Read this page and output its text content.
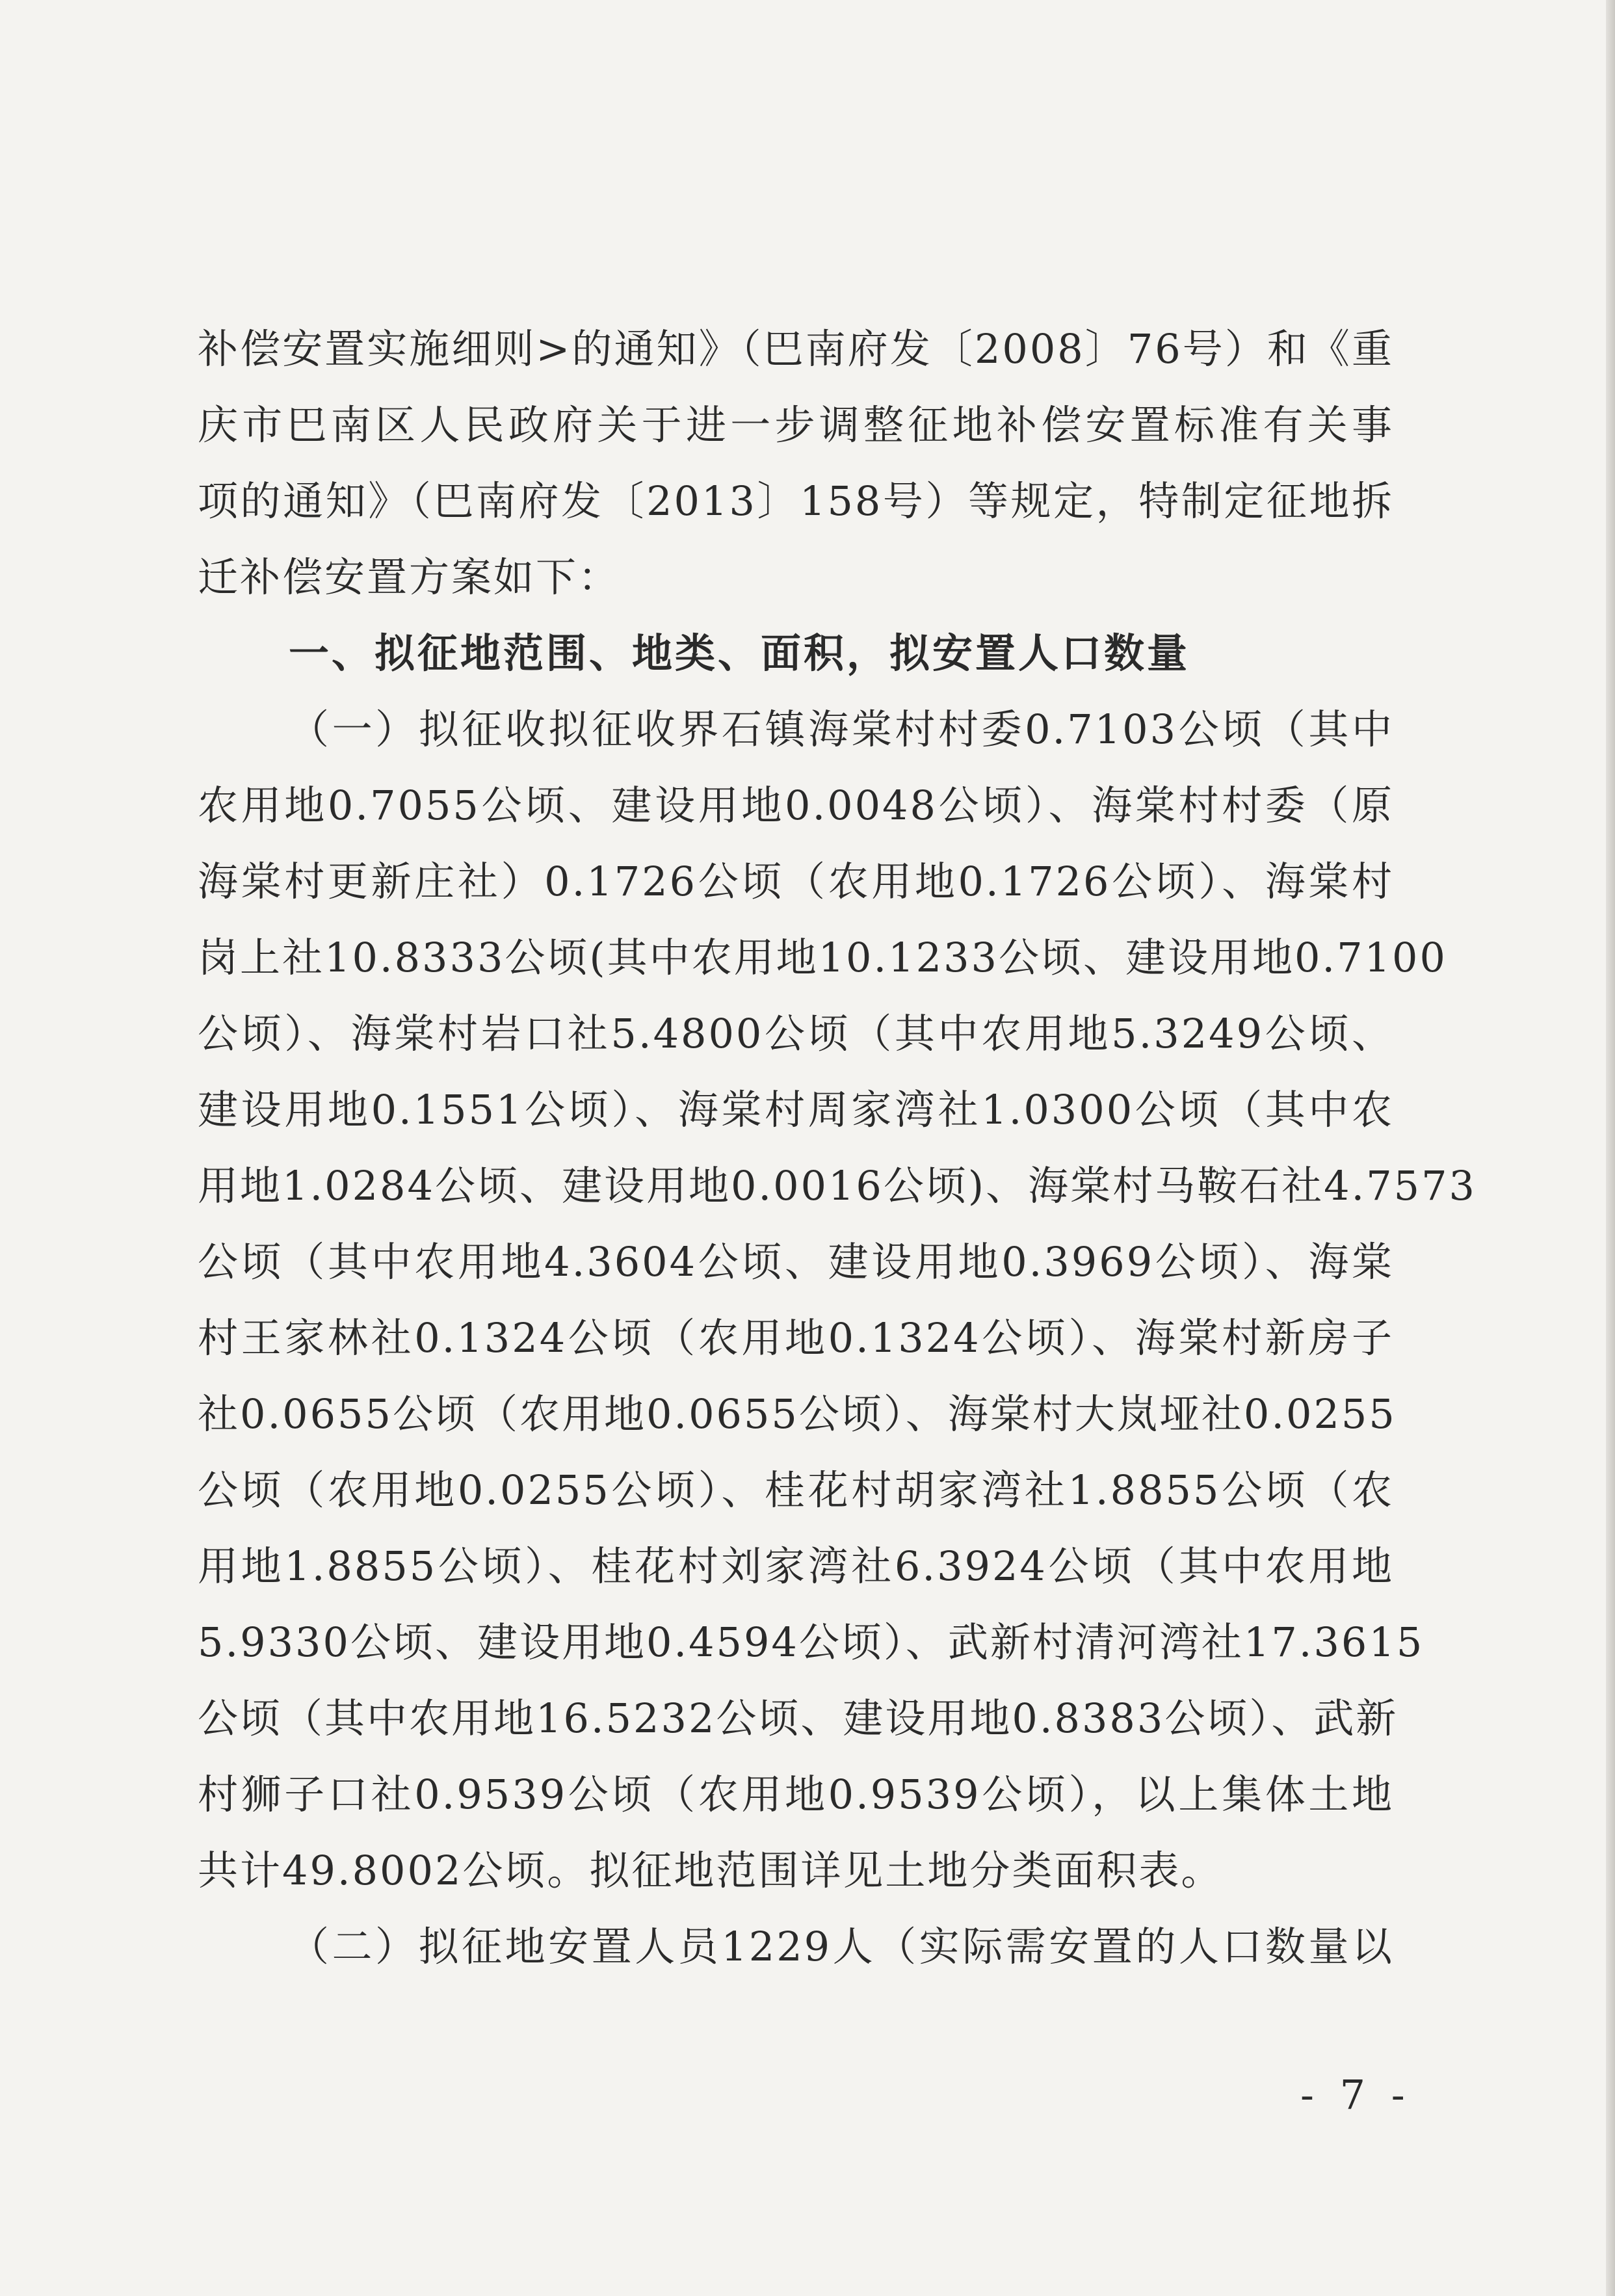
补偿安置实施细则>的通知》（巴南府发〔2008〕76号）和《重
庆市巴南区人民政府关于进一步调整征地补偿安置标准有关事
项的通知》（巴南府发〔2013〕158号）等规定，特制定征地拆
迁补偿安置方案如下：
一、拟征地范围、地类、面积，拟安置人口数量
（一）拟征收拟征收界石镇海棠村村委0.7103公顷（其中
农用地0.7055公顷、建设用地0.0048公顷）、海棠村村委（原
海棠村更新庄社）0.1726公顷（农用地0.1726公顷）、海棠村
岗上社10.8333公顷(其中农用地10.1233公顷、建设用地0.7100
公顷）、海棠村岩口社5.4800公顷（其中农用地5.3249公顷、
建设用地0.1551公顷）、海棠村周家湾社1.0300公顷（其中农
用地1.0284公顷、建设用地0.0016公顷)、海棠村马鞍石社4.7573
公顷（其中农用地4.3604公顷、建设用地0.3969公顷）、海棠
村王家林社0.1324公顷（农用地0.1324公顷）、海棠村新房子
社0.0655公顷（农用地0.0655公顷）、海棠村大岚垭社0.0255
公顷（农用地0.0255公顷）、桂花村胡家湾社1.8855公顷（农
用地1.8855公顷）、桂花村刘家湾社6.3924公顷（其中农用地
5.9330公顷、建设用地0.4594公顷）、武新村清河湾社17.3615
公顷（其中农用地16.5232公顷、建设用地0.8383公顷）、武新
村狮子口社0.9539公顷（农用地0.9539公顷），以上集体土地
共计49.8002公顷。拟征地范围详见土地分类面积表。
（二）拟征地安置人员1229人（实际需安置的人口数量以
- 7 -
